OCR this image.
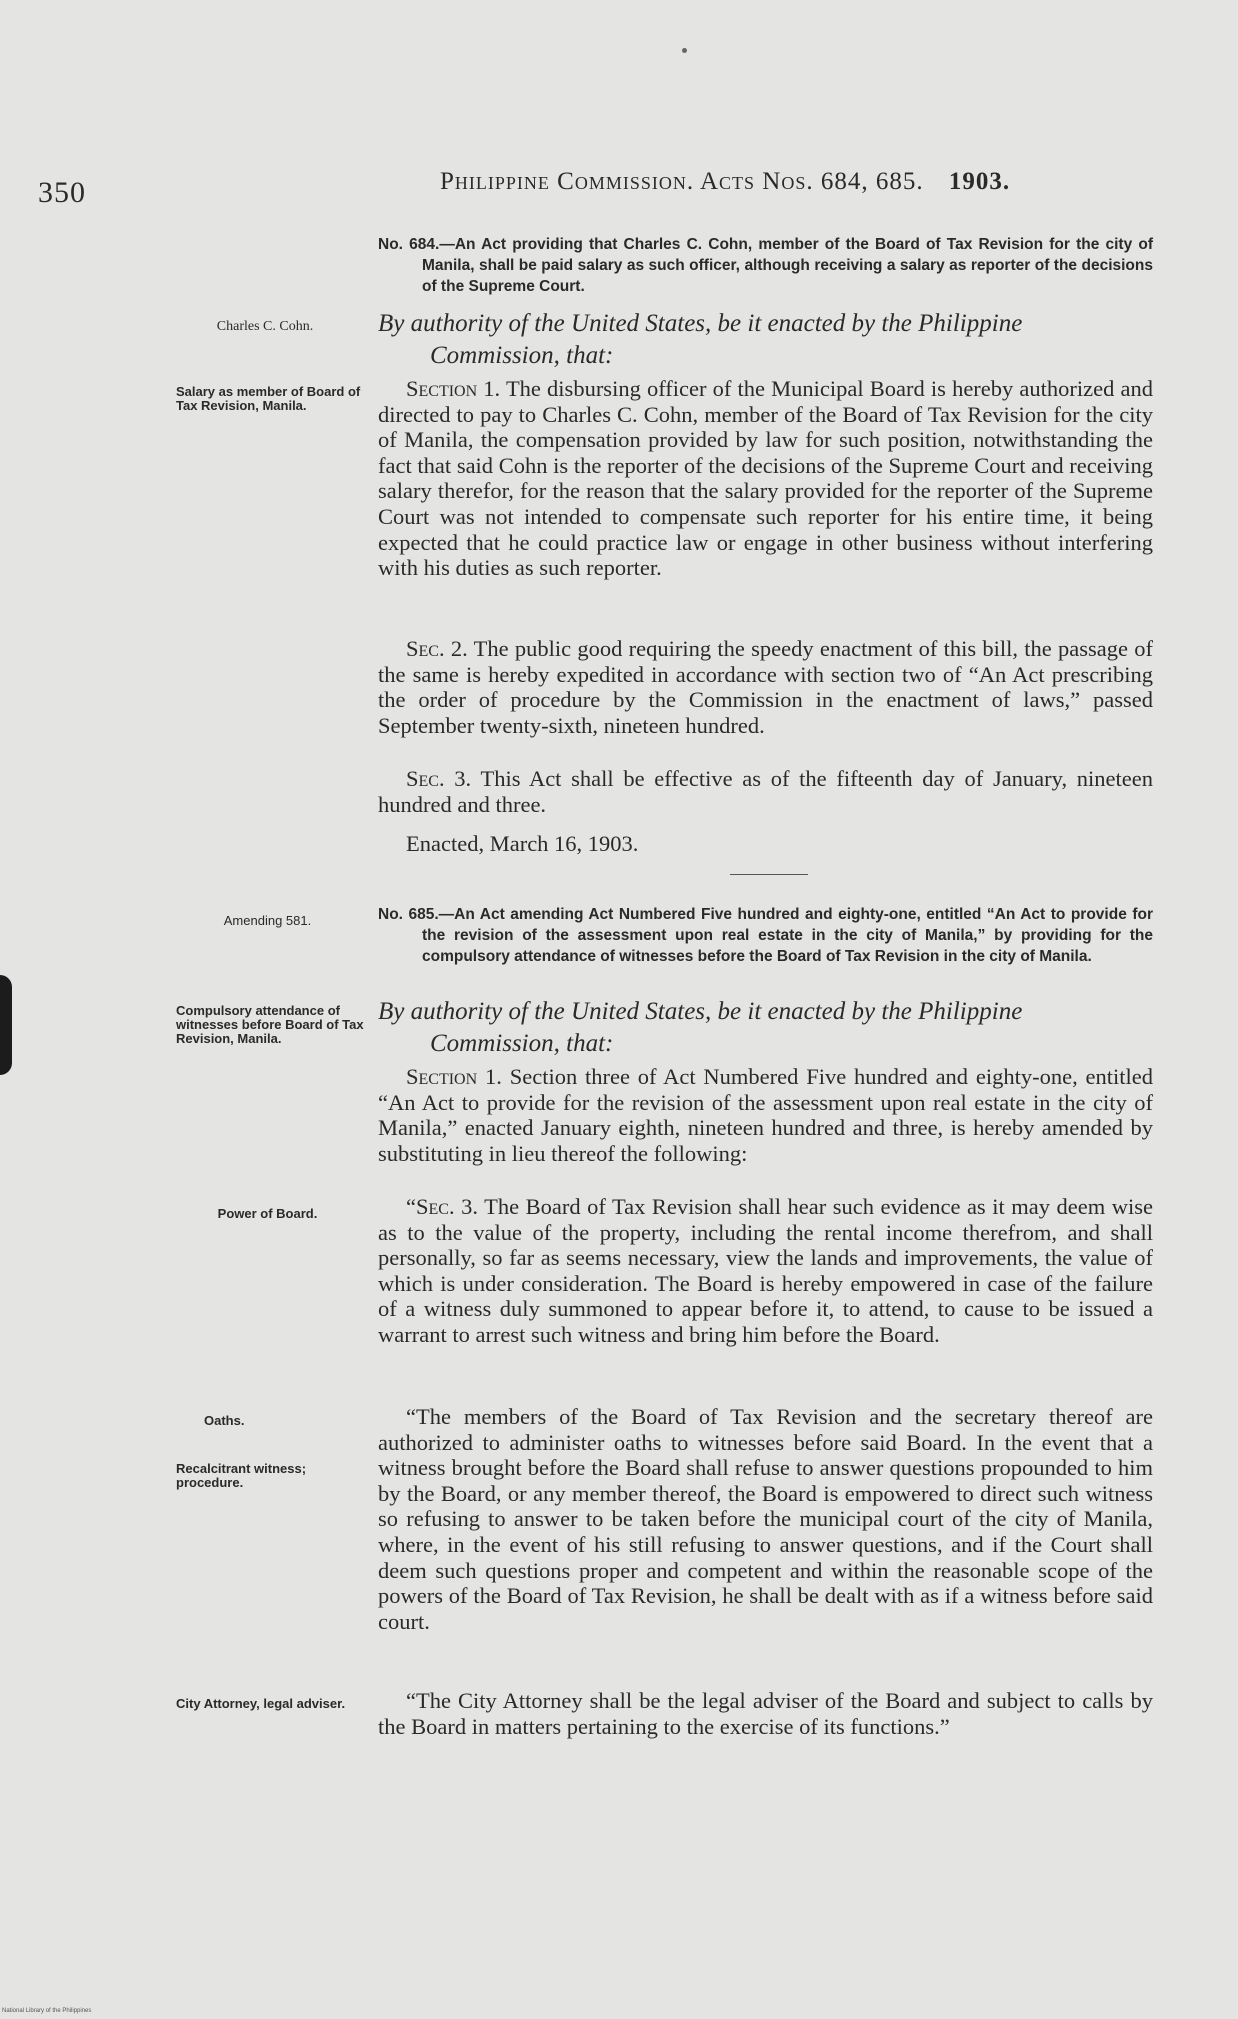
350	Philippine Commission. Acts Nos. 684, 685. 1903.
No. 684.—An Act providing that Charles C. Cohn, member of the Board of Tax Revision for the city of Manila, shall be paid salary as such officer, although receiving a salary as reporter of the decisions of the Supreme Court.
Charles C. Cohn.	By authority of the United States, be it enacted by the Philippine
Commission, that:
Salary as member of Board of Tax Revision, Manila.
Section 1. The disbursing officer of the Municipal Board is hereby authorized and directed to pay to Charles C. Cohn, member of the Board of Tax Revision for the city of Manila, the compensation provided by law for such position, notwithstanding the fact that said Cohn is the reporter of the decisions of the Supreme Court and receiving salary therefor, for the reason that the salary provided for the reporter of the Supreme Court was not intended to compensate such reporter for his entire time, it being expected that he could practice law or engage in other business without interfering with his duties as such reporter.
Sec. 2. The public good requiring the speedy enactment of this bill, the passage of the same is hereby expedited in accordance with section two of “An Act prescribing the order of procedure by the Commission in the enactment of laws,” passed September twenty-sixth, nineteen hundred.
Sec. 3. This Act shall be effective as of the fifteenth day of January, nineteen hundred and three.
Enacted, March 16, 1903.
Amending 581.	No. 685.—An Act amending Act Numbered Five hundred and eighty-one, entitled “An Act to provide for the revision of the assessment upon real estate in the city of Manila,” by providing for the compulsory attendance of witnesses before the Board of Tax Revision in the city of Manila.
Compulsory attendance of witnesses before Board of Tax Revision, Manila.
By authority of the United States, be it enacted by the Philippine
Commission, that:
Section 1. Section three of Act Numbered Five hundred and eighty-one, entitled “An Act to provide for the revision of the assessment upon real estate in the city of Manila,” enacted January eighth, nineteen hundred and three, is hereby amended by substituting in lieu thereof the following:
Power of Board.	“Sec. 3. The Board of Tax Revision shall hear such evidence as it may deem wise as to the value of the property, including the rental income therefrom, and shall personally, so far as seems necessary, view the lands and improvements, the value of which is under consideration. The Board is hereby empowered in case of the failure of a witness duly summoned to appear before it, to attend, to cause to be issued a warrant to arrest such witness and bring him before the Board.
Oaths.	“The members of the Board of Tax Revision and the secretary thereof are authorized to administer oaths to witnesses before said Board. In the event that a witness brought before the Board shall refuse to answer questions propounded to him by the Board, or any member thereof, the Board is empowered to direct such witness so refusing to answer to be taken before the municipal court of the city of Manila, where, in the event of his still refusing to answer questions, and if the Court shall deem such questions proper and competent and within the reasonable scope of the powers of the Board of Tax Revision, he shall be dealt with as if a witness before said court.
Recalcitrant witness; procedure.
City Attorney, legal adviser.	“The City Attorney shall be the legal adviser of the Board and subject to calls by the Board in matters pertaining to the exercise of its functions.”
National Library of the Philippines
